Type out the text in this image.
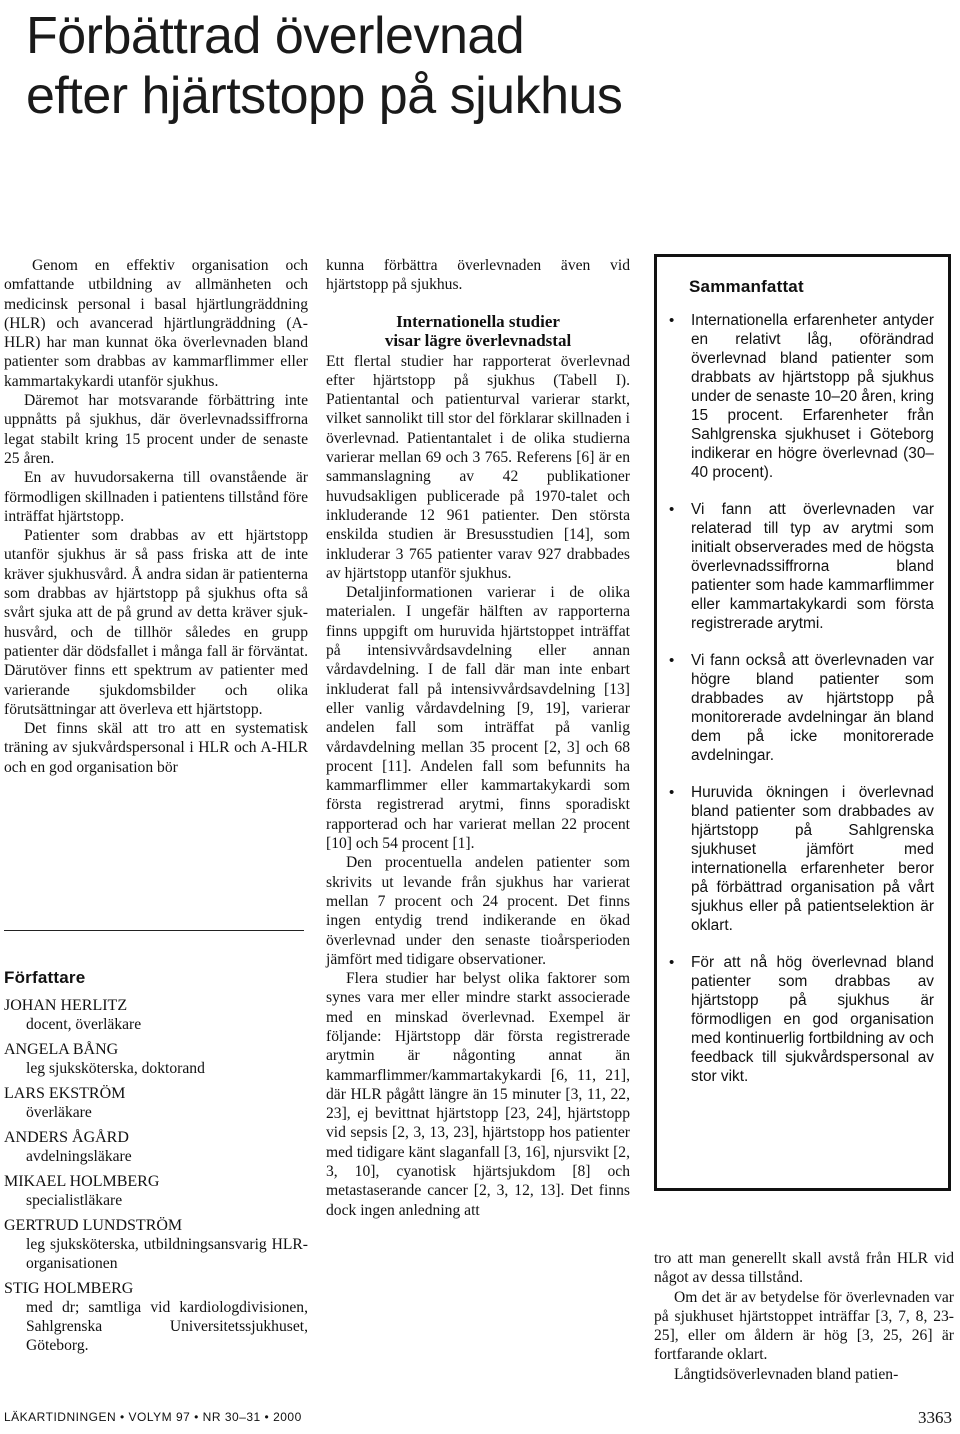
Förbättrad överlevnad
efter hjärtstopp på sjukhus

Genom en effektiv organisation och omfattande utbildning av allmänheten och medicinsk personal i basal hjärtlungräddning (HLR) och avancerad hjärtlungräddning (A-HLR) har man kunnat öka överlevnaden bland patienter som drabbas av kammarflimmer eller kammartakykardi utanför sjukhus.

Däremot har motsvarande förbättring inte uppnåtts på sjukhus, där överlevnadssiffrorna legat stabilt kring 15 procent under de senaste 25 åren.

En av huvudorsakerna till ovanstående är förmodligen skillnaden i patientens tillstånd före inträffat hjärtstopp.

Patienter som drabbas av ett hjärtstopp utanför sjukhus är så pass friska att de inte kräver sjukhusvård. Å andra sidan är patienterna som drabbas av hjärtstopp på sjukhus ofta så svårt sjuka att de på grund av detta kräver sjukhusvård, och de tillhör således en grupp patienter där dödsfallet i många fall är förväntat. Därutöver finns ett spektrum av patienter med varierande sjukdomsbilder och olika förutsättningar att överleva ett hjärtstopp.

Det finns skäl att tro att en systematisk träning av sjukvårdspersonal i HLR och A-HLR och en god organisation bör

Författare
JOHAN HERLITZ
docent, överläkare
ANGELA BÅNG
leg sjuksköterska, doktorand
LARS EKSTRÖM
överläkare
ANDERS ÅGÅRD
avdelningsläkare
MIKAEL HOLMBERG
specialistläkare
GERTRUD LUNDSTRÖM
leg sjuksköterska, utbildningsansvarig HLR-organisationen
STIG HOLMBERG
med dr; samtliga vid kardiologdivisionen, Sahlgrenska Universitetssjukhuset, Göteborg.

kunna förbättra överlevnaden även vid hjärtstopp på sjukhus.

Internationella studier
visar lägre överlevnadstal

Ett flertal studier har rapporterat överlevnad efter hjärtstopp på sjukhus (Tabell I). Patientantal och patienturval varierar starkt, vilket sannolikt till stor del förklarar skillnaden i överlevnad. Patientantalet i de olika studierna varierar mellan 69 och 3 765. Referens [6] är en sammanslagning av 42 publikationer huvudsakligen publicerade på 1970-talet och inkluderande 12 961 patienter. Den största enskilda studien är Bresusstudien [14], som inkluderar 3 765 patienter varav 927 drabbades av hjärtstopp utanför sjukhus.

Detaljinformationen varierar i de olika materialen. I ungefär hälften av rapporterna finns uppgift om huruvida hjärtstoppet inträffat på intensivvårdsavdelning eller annan vårdavdelning. I de fall där man inte enbart inkluderat fall på intensivvårdsavdelning [13] eller vanlig vårdavdelning [9, 19], varierar andelen fall som inträffat på vanlig vårdavdelning mellan 35 procent [2, 3] och 68 procent [11]. Andelen fall som befunnits ha kammarflimmer eller kammartakykardi som första registrerad arytmi, finns sporadiskt rapporterad och har varierat mellan 22 procent [10] och 54 procent [1].

Den procentuella andelen patienter som skrivits ut levande från sjukhus har varierat mellan 7 procent och 24 procent. Det finns ingen entydig trend indikerande en ökad överlevnad under den senaste tioårsperioden jämfört med tidigare observationer.

Flera studier har belyst olika faktorer som synes vara mer eller mindre starkt associerade med en minskad överlevnad. Exempel är följande: Hjärtstopp där första registrerade arytmin är någonting annat än kammarflimmer/kammartakykardi [6, 11, 21], där HLR pågått längre än 15 minuter [3, 11, 22, 23], ej bevittnat hjärtstopp [23, 24], hjärtstopp vid sepsis [2, 3, 13, 23], hjärtstopp hos patienter med tidigare känt slaganfall [3, 16], njursvikt [2, 3, 10], cyanotisk hjärtsjukdom [8] och metastaserande cancer [2, 3, 12, 13]. Det finns dock ingen anledning att

Sammanfattat
• Internationella erfarenheter antyder en relativt låg, oförändrad överlevnad bland patienter som drabbats av hjärtstopp på sjukhus under de senaste 10–20 åren, kring 15 procent. Erfarenheter från Sahlgrenska sjukhuset i Göteborg indikerar en högre överlevnad (30–40 procent).
• Vi fann att överlevnaden var relaterad till typ av arytmi som initialt observerades med de högsta överlevnadssiffrorna bland patienter som hade kammarflimmer eller kammartakykardi som första registrerade arytmi.
• Vi fann också att överlevnaden var högre bland patienter som drabbades av hjärtstopp på monitorerade avdelningar än bland dem på icke monitorerade avdelningar.
• Huruvida ökningen i överlevnad bland patienter som drabbades av hjärtstopp på Sahlgrenska sjukhuset jämfört med internationella erfarenheter beror på förbättrad organisation på vårt sjukhus eller på patientselektion är oklart.
• För att nå hög överlevnad bland patienter som drabbas av hjärtstopp på sjukhus är förmodligen en god organisation med kontinuerlig fortbildning av och feedback till sjukvårdspersonal av stor vikt.

tro att man generellt skall avstå från HLR vid något av dessa tillstånd.

Om det är av betydelse för överlevnaden var på sjukhuset hjärtstoppet inträffar [3, 7, 8, 23-25], eller om åldern är hög [3, 25, 26] är fortfarande oklart.

Långtidsöverlevnaden bland patien-

LÄKARTIDNINGEN • VOLYM 97 • NR 30–31 • 2000	3363
